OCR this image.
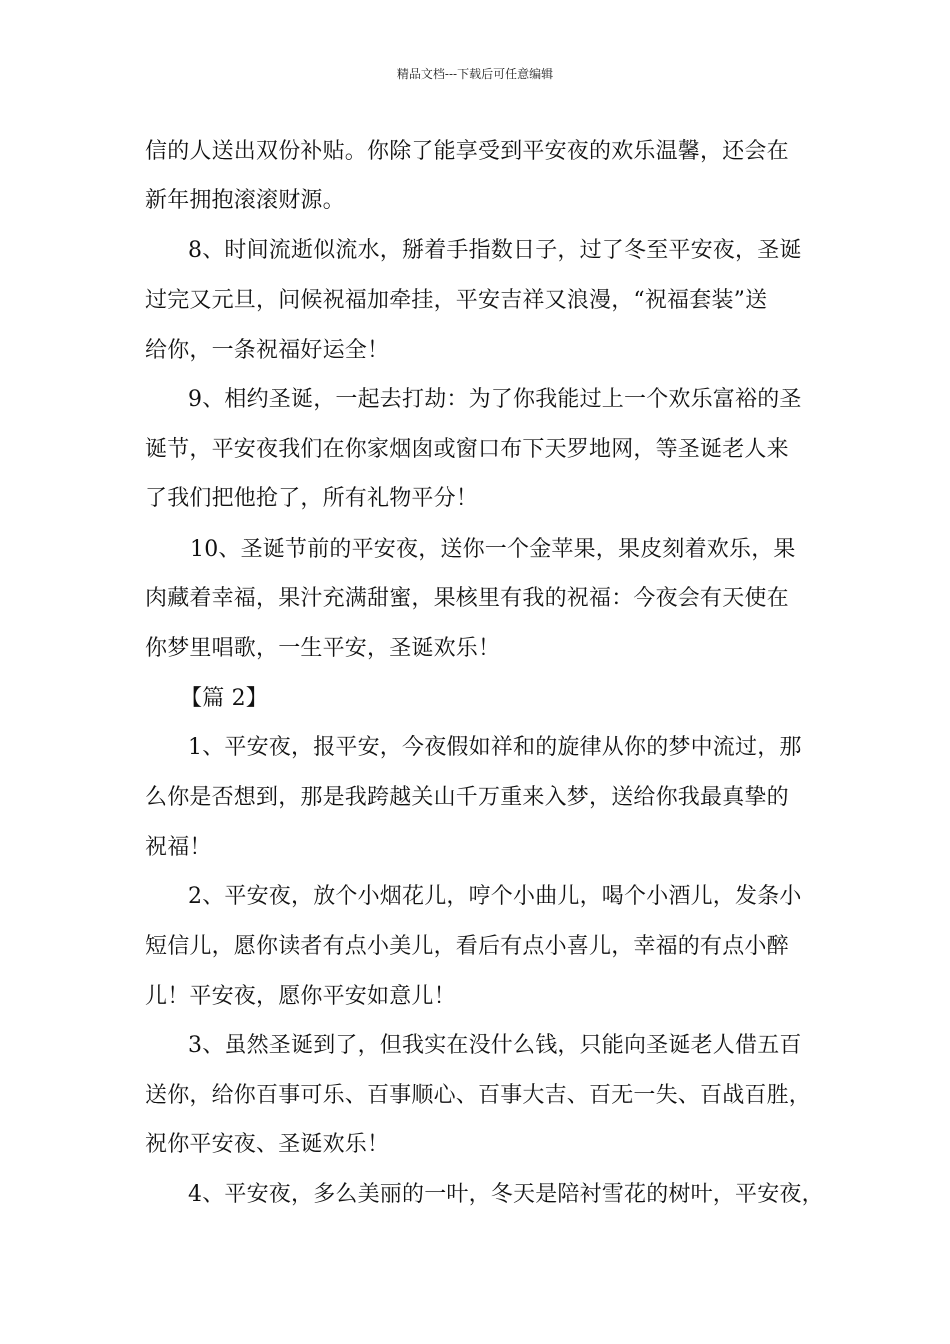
精品文档---下载后可任意编辑
信的人送出双份补贴。你除了能享受到平安夜的欢乐温馨，还会在
新年拥抱滚滚财源。
8、时间流逝似流水，掰着手指数日子，过了冬至平安夜，圣诞
过完又元旦，问候祝福加牵挂，平安吉祥又浪漫，“祝福套装”送
给你，一条祝福好运全！
9、相约圣诞，一起去打劫：为了你我能过上一个欢乐富裕的圣
诞节，平安夜我们在你家烟囱或窗口布下天罗地网，等圣诞老人来
了我们把他抢了，所有礼物平分！
10、圣诞节前的平安夜，送你一个金苹果，果皮刻着欢乐，果
肉藏着幸福，果汁充满甜蜜，果核里有我的祝福：今夜会有天使在
你梦里唱歌，一生平安，圣诞欢乐！
【篇 2】
1、平安夜，报平安，今夜假如祥和的旋律从你的梦中流过，那
么你是否想到，那是我跨越关山千万重来入梦，送给你我最真挚的
祝福！
2、平安夜，放个小烟花儿，哼个小曲儿，喝个小酒儿，发条小
短信儿，愿你读者有点小美儿，看后有点小喜儿，幸福的有点小醉
儿！平安夜，愿你平安如意儿！
3、虽然圣诞到了，但我实在没什么钱，只能向圣诞老人借五百
送你，给你百事可乐、百事顺心、百事大吉、百无一失、百战百胜，
祝你平安夜、圣诞欢乐！
4、平安夜，多么美丽的一叶，冬天是陪衬雪花的树叶，平安夜，
